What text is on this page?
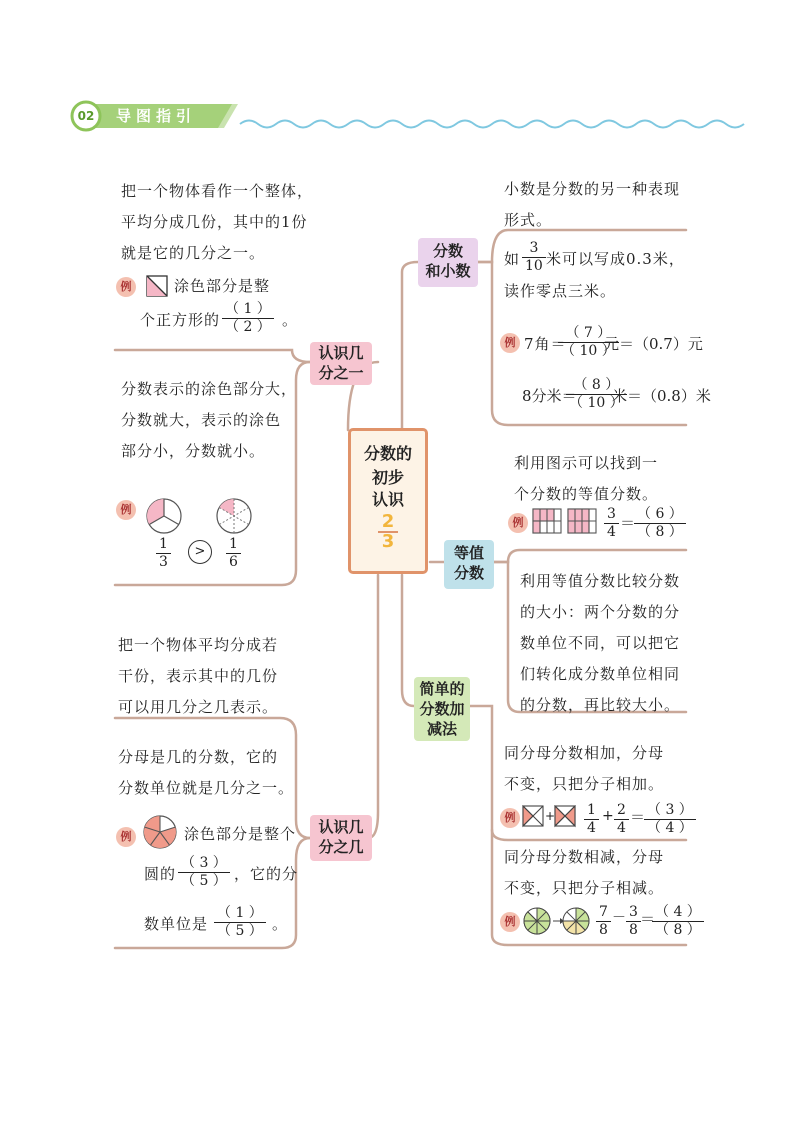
02 导图指引
分数的
初步
认识
$\frac{2}{3}$
认识几
分之一
认识几
分之几
分数
和小数
等值
分数
简单的
分数加
减法
把一个物体看作一个整体，
平均分成几份，其中的1份
就是它的几分之一。
例	涂色部分是整
个正方形的 $\frac{( 1 )}{( 2 )}$ 。
分数表示的涂色部分大，
分数就大，表示的涂色
部分小，分数就小。
例
$\frac{1}{3}$	>	$\frac{1}{6}$
把一个物体平均分成若
干份，表示其中的几份
可以用几分之几表示。
分母是几的分数，它的
分数单位就是几分之一。
例	涂色部分是整个
圆的 $\frac{( 3 )}{( 5 )}$ ，它的分
数单位是 $\frac{( 1 )}{( 5 )}$ 。
小数是分数的另一种表现
形式。
如 $\frac{3}{10}$ 米可以写成0.3米，
读作零点三米。
例 7角＝
$\frac{( 7 )}{( 10 )}$
元＝（0.7）元
8分米＝
$\frac{( 8 )}{( 10 )}$
米＝（0.8）米
利用图示可以找到一
个分数的等值分数。
例	$\frac{3}{4}$ ＝
$\frac{( 6 )}{( 8 )}$
利用等值分数比较分数
的大小：两个分数的分
数单位不同，可以把它
们转化成分数单位相同
的分数，再比较大小。
同分母分数相加，分母
不变，只把分子相加。
例	+ $\frac{1}{4} + \frac{2}{4}$ ＝
$\frac{( 3 )}{( 4 )}$
同分母分数相减，分母
不变，只把分子相减。
例	$\frac{7}{8} - \frac{3}{8}$ ＝
$\frac{( 4 )}{( 8 )}$
